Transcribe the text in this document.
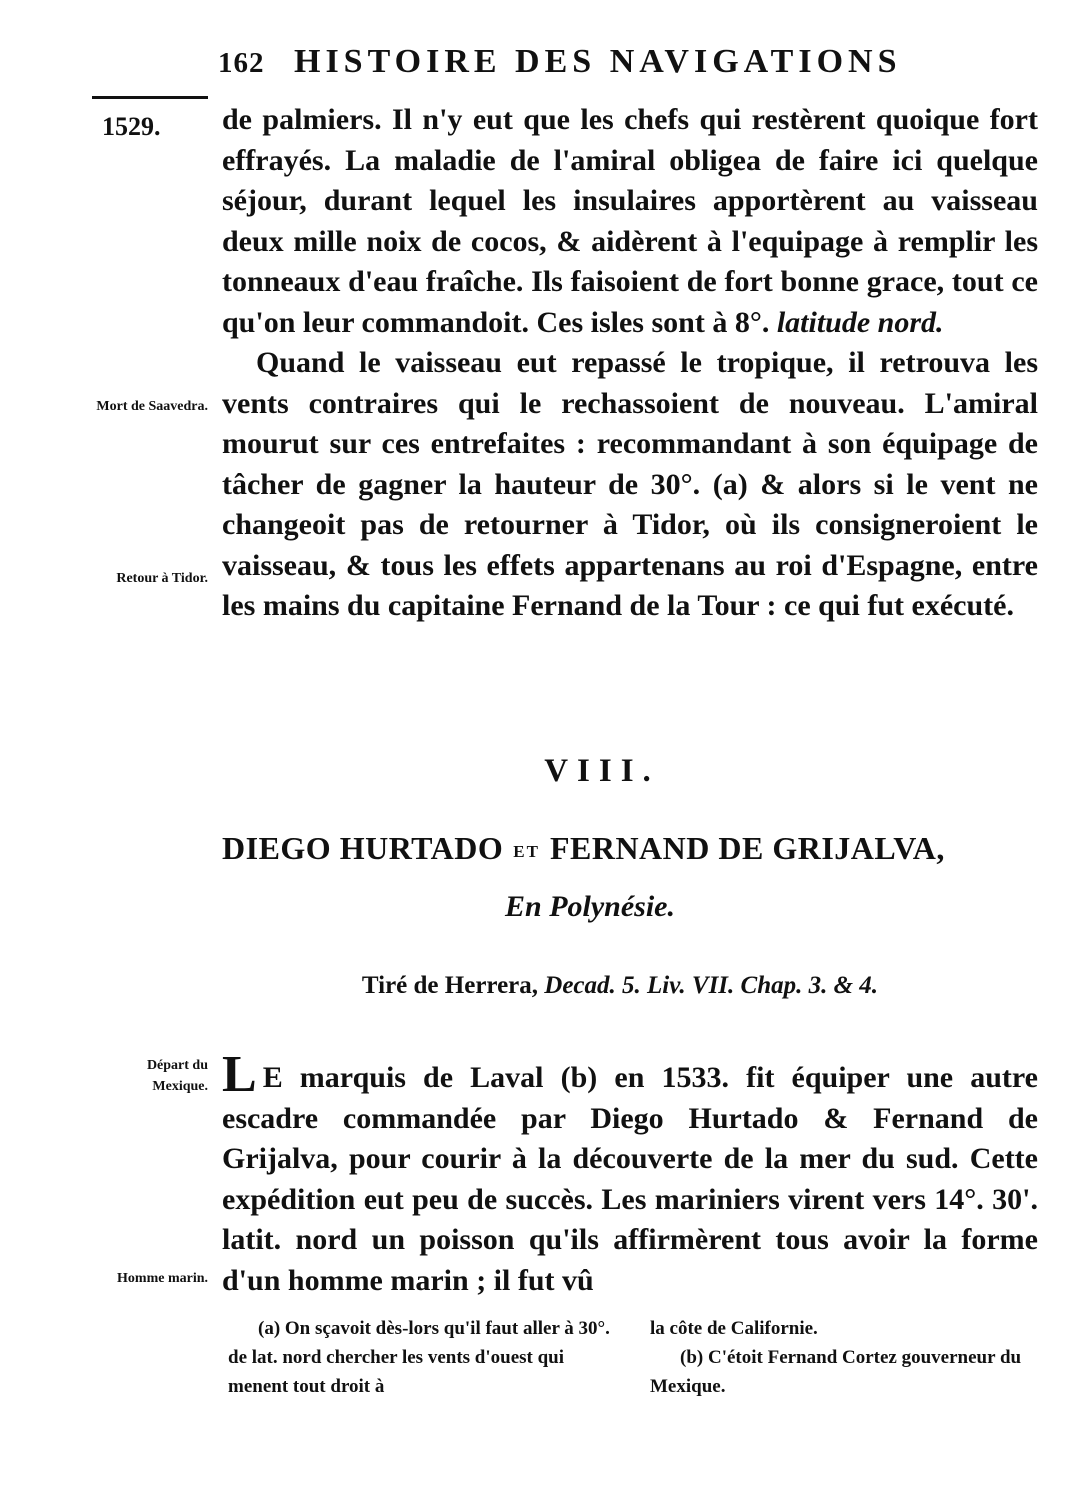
162 HISTOIRE DES NAVIGATIONS
1529.
Mort de Saavedra.
Retour à Tidor.
Départ du Mexique.
Homme marin.

de palmiers. Il n'y eut que les chefs qui restèrent quoique fort effrayés. La maladie de l'amiral obligea de faire ici quelque séjour, durant lequel les insulaires apportèrent au vaisseau deux mille noix de cocos, & aidèrent à l'equipage à remplir les tonneaux d'eau fraîche. Ils faisoient de fort bonne grace, tout ce qu'on leur commandoit. Ces isles sont à 8°. latitude nord.

Quand le vaisseau eut repassé le tropique, il retrouva les vents contraires qui le rechassoient de nouveau. L'amiral mourut sur ces entrefaites : recommandant à son équipage de tâcher de gagner la hauteur de 30°. (a) & alors si le vent ne changeoit pas de retourner à Tidor, où ils consigneroient le vaisseau, & tous les effets appartenans au roi d'Espagne, entre les mains du capitaine Fernand de la Tour : ce qui fut exécuté.

VIII.
DIEGO HURTADO ET FERNAND DE GRIJALVA,
En Polynésie.
Tiré de Herrera, Decad. 5. Liv. VII. Chap. 3. & 4.

L E marquis de Laval (b) en 1533. fit équiper une autre escadre commandée par Diego Hurtado & Fernand de Grijalva, pour courir à la découverte de la mer du sud. Cette expédition eut peu de succès. Les mariniers virent vers 14°. 30'. latit. nord un poisson qu'ils affirmèrent tous avoir la forme d'un homme marin ; il fut vû

(a) On sçavoit dès-lors qu'il faut aller à 30°. de lat. nord chercher les vents d'ouest qui menent tout droit à

la côte de Californie.

(b) C'étoit Fernand Cortez gouverneur du Mexique.
